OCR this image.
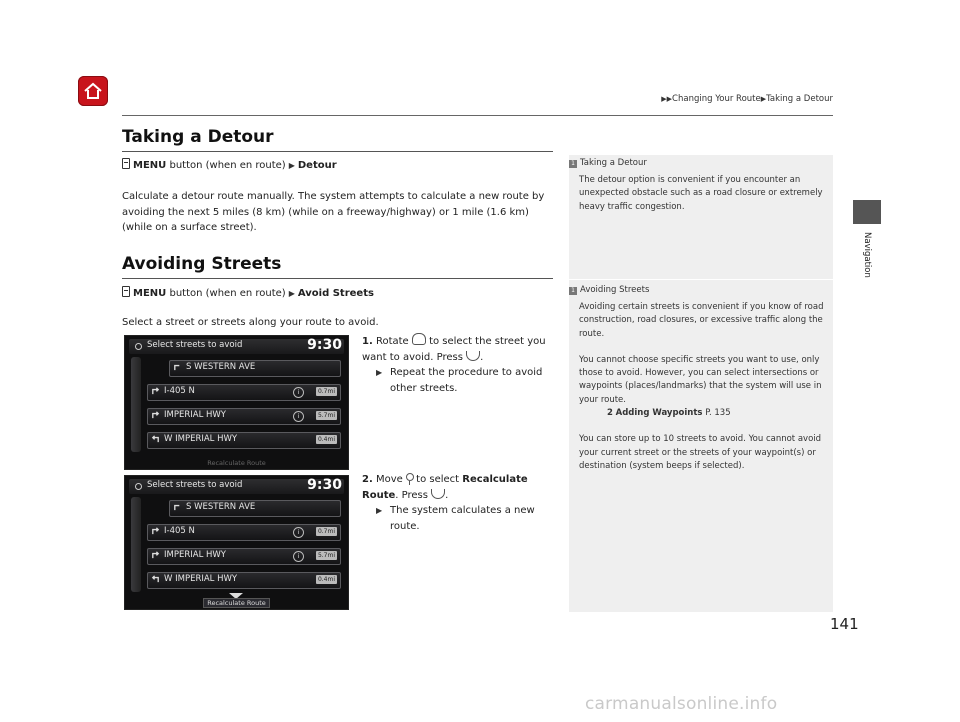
▶▶Changing Your Route▶Taking a Detour
Navigation
Taking a Detour
MENU button (when en route) ▶ Detour
Calculate a detour route manually. The system attempts to calculate a new route by avoiding the next 5 miles (8 km) (while on a freeway/highway) or 1 mile (1.6 km) (while on a surface street).
Avoiding Streets
MENU button (when en route) ▶ Avoid Streets
Select a street or streets along your route to avoid.
Select streets to avoid	9:30
S WESTERN AVE
I-405 N	i	0.7mi
IMPERIAL HWY	i	5.7mi
W IMPERIAL HWY	0.4mi
Recalculate Route
Select streets to avoid	9:30
S WESTERN AVE
I-405 N	i	0.7mi
IMPERIAL HWY	i	5.7mi
W IMPERIAL HWY	0.4mi
Recalculate Route
1. Rotate to select the street you want to avoid. Press .
▶ Repeat the procedure to avoid other streets.
2. Move to select Recalculate Route. Press .
▶ The system calculates a new route.
1 Taking a Detour
The detour option is convenient if you encounter an unexpected obstacle such as a road closure or extremely heavy traffic congestion.
1 Avoiding Streets
Avoiding certain streets is convenient if you know of road construction, road closures, or excessive traffic along the route.
You cannot choose specific streets you want to use, only those to avoid. However, you can select intersections or waypoints (places/landmarks) that the system will use in your route.
2 Adding Waypoints P. 135
You can store up to 10 streets to avoid. You cannot avoid your current street or the streets of your waypoint(s) or destination (system beeps if selected).
141
carmanualsonline.info
